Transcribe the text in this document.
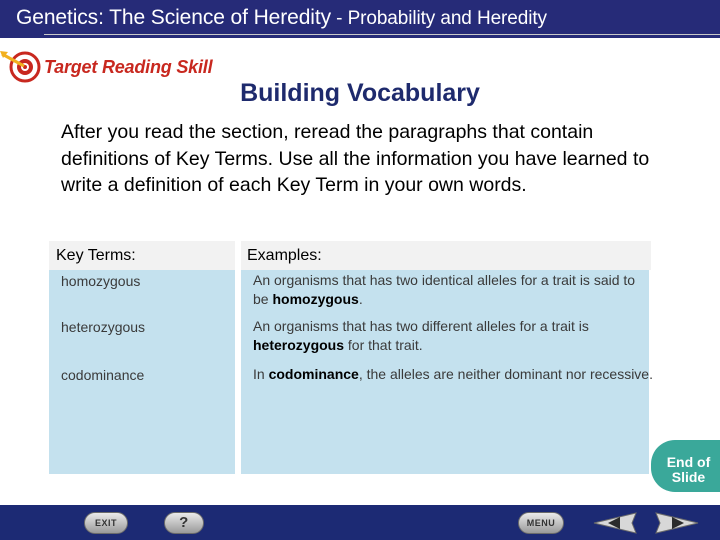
Genetics: The Science of Heredity - Probability and Heredity
Target Reading Skill
Building Vocabulary
After you read the section, reread the paragraphs that contain definitions of Key Terms. Use all the information you have learned to write a definition of each Key Term in your own words.
Key Terms:	Examples:
homozygous	An organisms that has two identical alleles for a trait is said to be homozygous.
heterozygous	An organisms that has two different alleles for a trait is heterozygous for that trait.
codominance	In codominance, the alleles are neither dominant nor recessive.
End of
Slide
EXIT	?	MENU
